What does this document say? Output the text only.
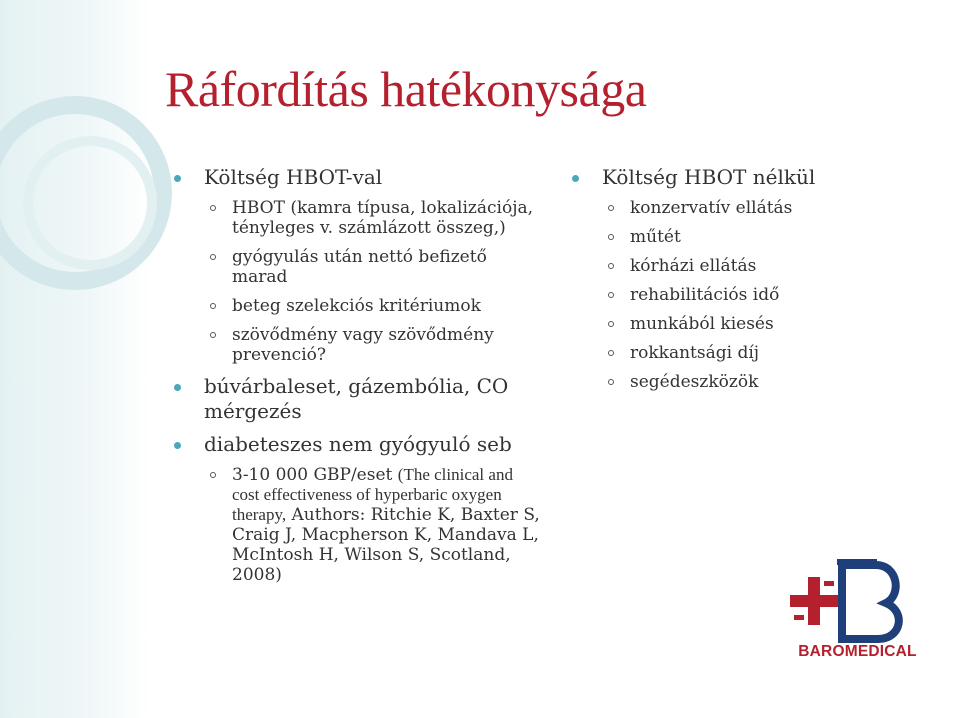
Ráfordítás hatékonysága
Költség HBOT-val
HBOT (kamra típusa, lokalizációja, tényleges v. számlázott összeg,)
gyógyulás után nettó befizető marad
beteg szelekciós kritériumok
szövődmény vagy szövődmény prevenció?
búvárbaleset, gázembólia, CO mérgezés
diabeteszes nem gyógyuló seb
3-10 000 GBP/eset (The clinical and cost effectiveness of hyperbaric oxygen therapy, Authors: Ritchie K, Baxter S, Craig J, Macpherson K, Mandava L, McIntosh H, Wilson S, Scotland, 2008)
Költség HBOT nélkül
konzervatív ellátás
műtét
kórházi ellátás
rehabilitációs idő
munkából kiesés
rokkantsági díj
segédeszközök
BAROMEDICAL
